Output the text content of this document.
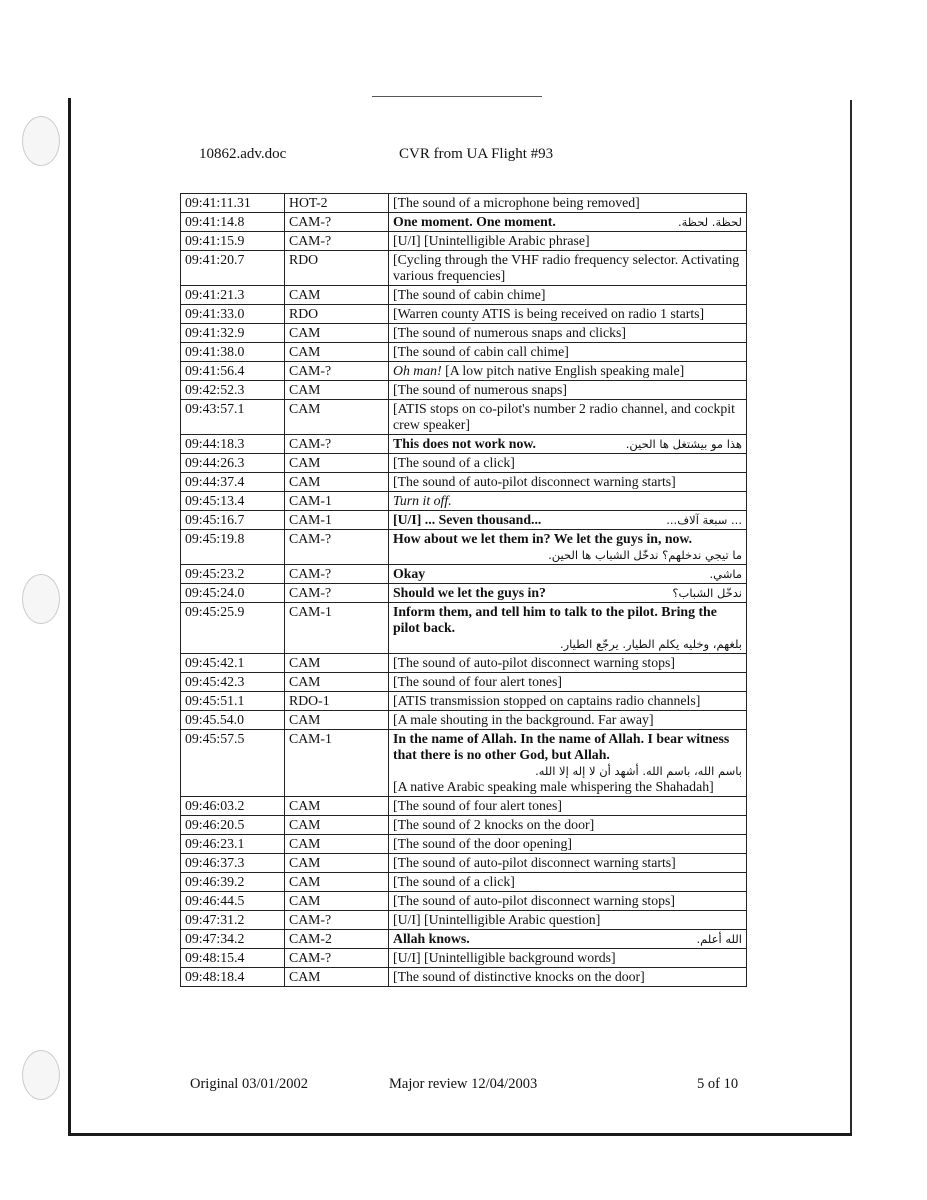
10862.adv.doc	CVR from UA Flight #93
09:41:11.31	HOT-2	[The sound of a microphone being removed]
09:41:14.8	CAM-?	لحظة. لحظة.
One moment. One moment.
09:41:15.9	CAM-?	[U/I] [Unintelligible Arabic phrase]
09:41:20.7	RDO	[Cycling through the VHF radio frequency selector. Activating various frequencies]
09:41:21.3	CAM	[The sound of cabin chime]
09:41:33.0	RDO	[Warren county ATIS is being received on radio 1 starts]
09:41:32.9	CAM	[The sound of numerous snaps and clicks]
09:41:38.0	CAM	[The sound of cabin call chime]
09:41:56.4	CAM-?	Oh man! [A low pitch native English speaking male]
09:42:52.3	CAM	[The sound of numerous snaps]
09:43:57.1	CAM	[ATIS stops on co-pilot's number 2 radio channel, and cockpit crew speaker]
09:44:18.3	CAM-?	هذا مو بيشتغل ها الحين.
This does not work now.
09:44:26.3	CAM	[The sound of a click]
09:44:37.4	CAM	[The sound of auto-pilot disconnect warning starts]
09:45:13.4	CAM-1	Turn it off.
09:45:16.7	CAM-1	... سبعة آلاف...
[U/I] ... Seven thousand...
09:45:19.8	CAM-?	How about we let them in? We let the guys in, now.
ما تيجي ندخلهم؟ ندخّل الشباب ها الحين.

09:45:23.2	CAM-?	ماشي.
Okay
09:45:24.0	CAM-?	ندخّل الشباب؟
Should we let the guys in?
09:45:25.9	CAM-1	Inform them, and tell him to talk to the pilot. Bring the pilot back.
بلغهم، وخليه يكلم الطيار. يرجّع الطيار.

09:45:42.1	CAM	[The sound of auto-pilot disconnect warning stops]
09:45:42.3	CAM	[The sound of four alert tones]
09:45:51.1	RDO-1	[ATIS transmission stopped on captains radio channels]
09:45.54.0	CAM	[A male shouting in the background. Far away]
09:45:57.5	CAM-1	In the name of Allah. In the name of Allah. I bear witness that there is no other God, but Allah.
باسم الله، باسم الله. أشهد أن لا إله إلا الله.
[A native Arabic speaking male whispering the Shahadah]

09:46:03.2	CAM	[The sound of four alert tones]
09:46:20.5	CAM	[The sound of 2 knocks on the door]
09:46:23.1	CAM	[The sound of the door opening]
09:46:37.3	CAM	[The sound of auto-pilot disconnect warning starts]
09:46:39.2	CAM	[The sound of a click]
09:46:44.5	CAM	[The sound of auto-pilot disconnect warning stops]
09:47:31.2	CAM-?	[U/I] [Unintelligible Arabic question]
09:47:34.2	CAM-2	الله أعلم.
Allah knows.
09:48:15.4	CAM-?	[U/I] [Unintelligible background words]
09:48:18.4	CAM	[The sound of distinctive knocks on the door]
Original 03/01/2002	Major review 12/04/2003	5 of 10
